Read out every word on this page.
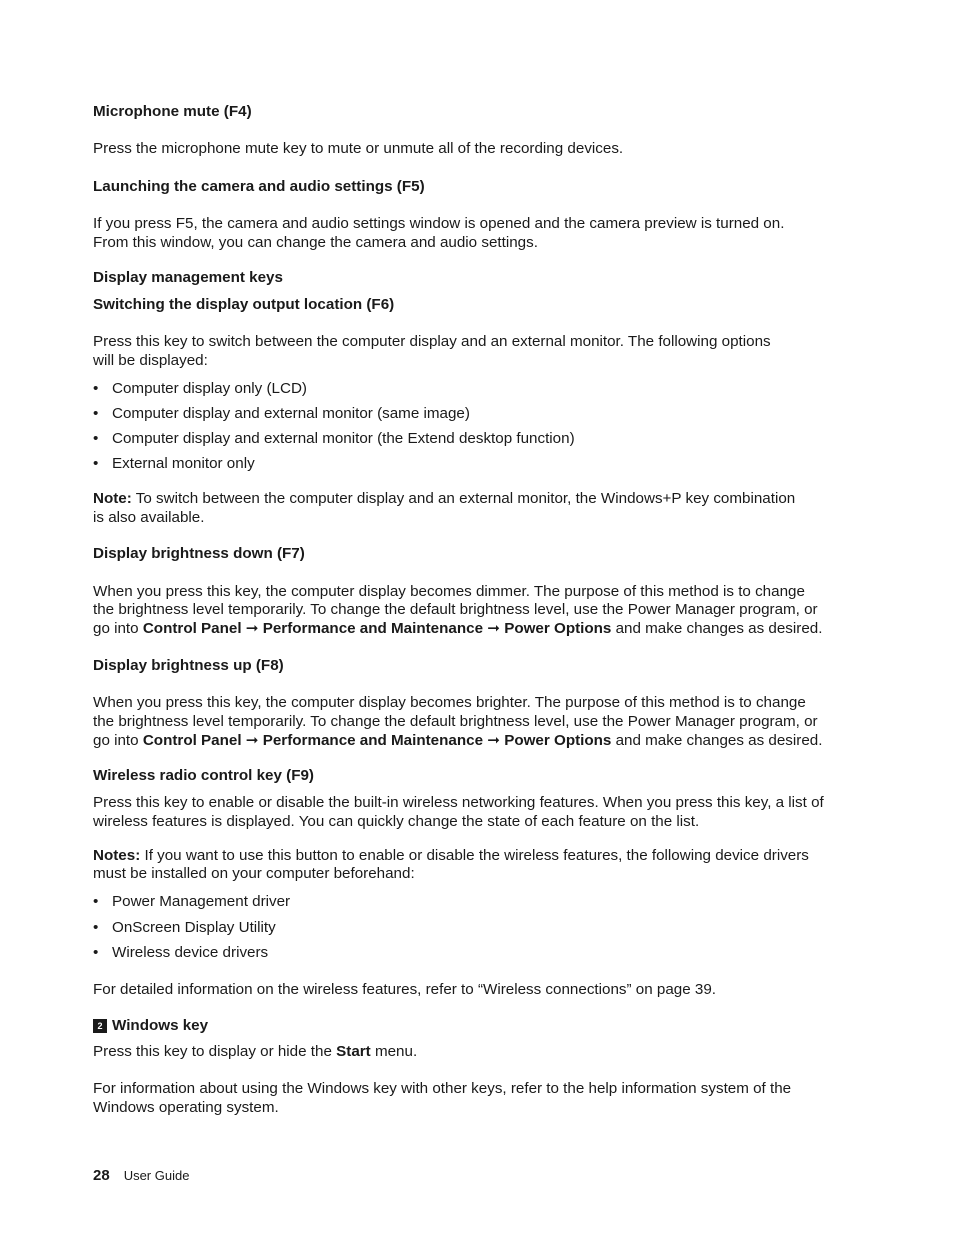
Microphone mute (F4)

Press the microphone mute key to mute or unmute all of the recording devices.

Launching the camera and audio settings (F5)

If you press F5, the camera and audio settings window is opened and the camera preview is turned on.

From this window, you can change the camera and audio settings.

Display management keys

Switching the display output location (F6)

Press this key to switch between the computer display and an external monitor. The following options

will be displayed:

• Computer display only (LCD)

• Computer display and external monitor (same image)

• Computer display and external monitor (the Extend desktop function)

• External monitor only

Note: To switch between the computer display and an external monitor, the Windows+P key combination

is also available.

Display brightness down (F7)

When you press this key, the computer display becomes dimmer. The purpose of this method is to change

the brightness level temporarily. To change the default brightness level, use the Power Manager program, or

go into Control Panel ➞ Performance and Maintenance ➞ Power Options and make changes as desired.

Display brightness up (F8)

When you press this key, the computer display becomes brighter. The purpose of this method is to change

the brightness level temporarily. To change the default brightness level, use the Power Manager program, or

go into Control Panel ➞ Performance and Maintenance ➞ Power Options and make changes as desired.

Wireless radio control key (F9)

Press this key to enable or disable the built-in wireless networking features. When you press this key, a list of

wireless features is displayed. You can quickly change the state of each feature on the list.

Notes: If you want to use this button to enable or disable the wireless features, the following device drivers

must be installed on your computer beforehand:

• Power Management driver

• OnScreen Display Utility

• Wireless device drivers

For detailed information on the wireless features, refer to “Wireless connections” on page 39.

2 Windows key

Press this key to display or hide the Start menu.

For information about using the Windows key with other keys, refer to the help information system of the

Windows operating system.

28 User Guide
